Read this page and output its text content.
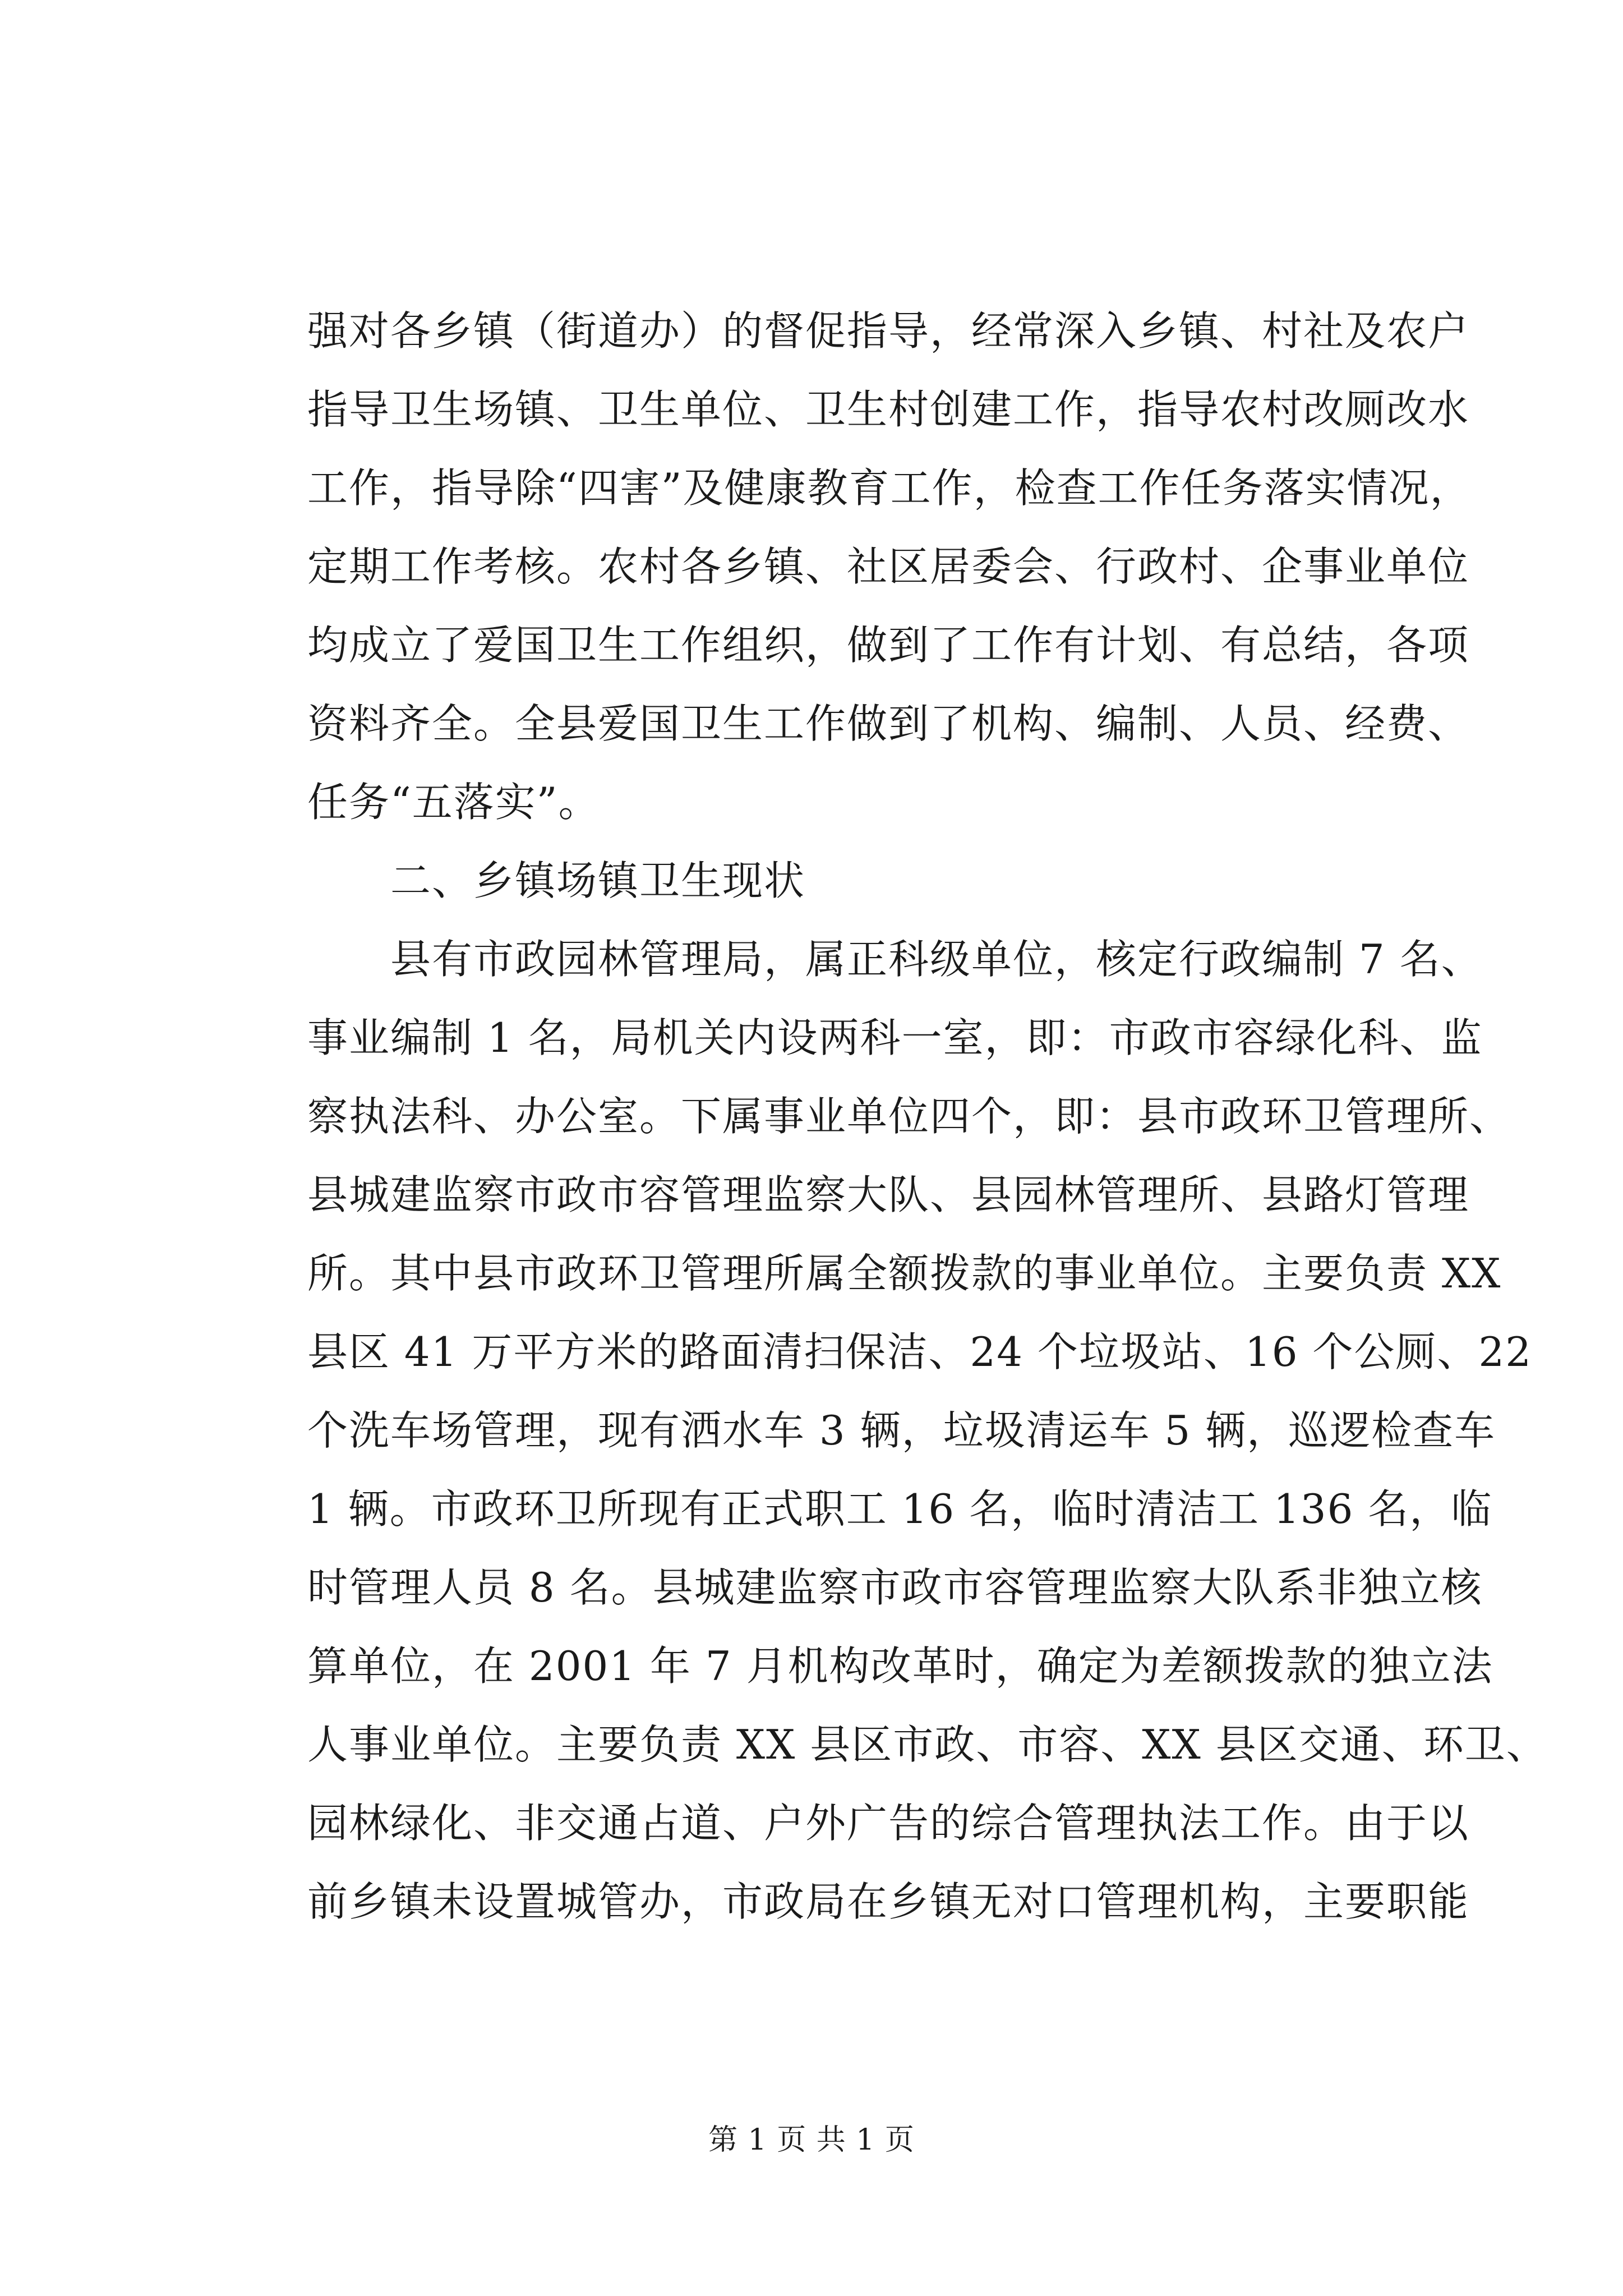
强对各乡镇（街道办）的督促指导，经常深入乡镇、村社及农户
指导卫生场镇、卫生单位、卫生村创建工作，指导农村改厕改水
工作，指导除“四害”及健康教育工作，检查工作任务落实情况，
定期工作考核。农村各乡镇、社区居委会、行政村、企事业单位
均成立了爱国卫生工作组织，做到了工作有计划、有总结，各项
资料齐全。全县爱国卫生工作做到了机构、编制、人员、经费、
任务“五落实”。
二、乡镇场镇卫生现状
县有市政园林管理局，属正科级单位，核定行政编制 7 名、
事业编制 1 名，局机关内设两科一室，即：市政市容绿化科、监
察执法科、办公室。下属事业单位四个，即：县市政环卫管理所、
县城建监察市政市容管理监察大队、县园林管理所、县路灯管理
所。其中县市政环卫管理所属全额拨款的事业单位。主要负责 XX
县区 41 万平方米的路面清扫保洁、24 个垃圾站、16 个公厕、22
个洗车场管理，现有洒水车 3 辆，垃圾清运车 5 辆，巡逻检查车
1 辆。市政环卫所现有正式职工 16 名，临时清洁工 136 名，临
时管理人员 8 名。县城建监察市政市容管理监察大队系非独立核
算单位，在 2001 年 7 月机构改革时，确定为差额拨款的独立法
人事业单位。主要负责 XX 县区市政、市容、XX 县区交通、环卫、
园林绿化、非交通占道、户外广告的综合管理执法工作。由于以
前乡镇未设置城管办，市政局在乡镇无对口管理机构，主要职能
第 1 页 共 1 页
